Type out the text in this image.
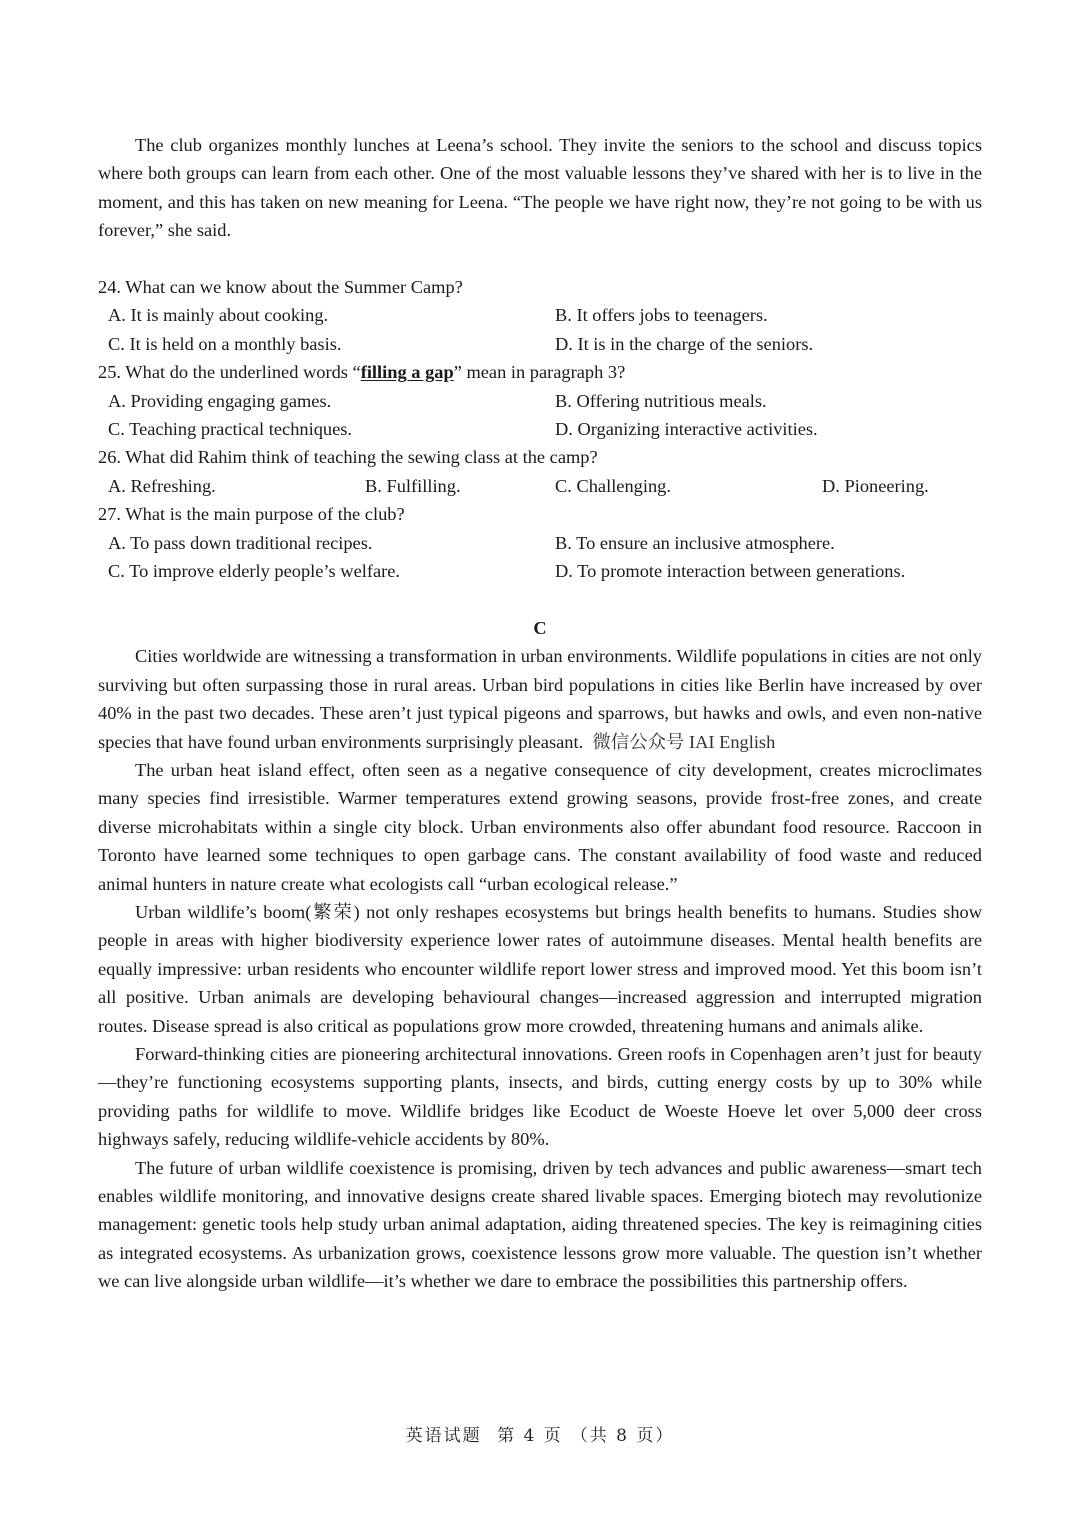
The club organizes monthly lunches at Leena’s school. They invite the seniors to the school and discuss topics where both groups can learn from each other. One of the most valuable lessons they’ve shared with her is to live in the moment, and this has taken on new meaning for Leena. “The people we have right now, they’re not going to be with us forever,” she said.

24. What can we know about the Summer Camp?

A. It is mainly about cooking.	B. It offers jobs to teenagers.
C. It is held on a monthly basis.	D. It is in the charge of the seniors.

25. What do the underlined words “filling a gap” mean in paragraph 3?

A. Providing engaging games.	B. Offering nutritious meals.
C. Teaching practical techniques.	D. Organizing interactive activities.

26. What did Rahim think of teaching the sewing class at the camp?

A. Refreshing.	B. Fulfilling.	C. Challenging.	D. Pioneering.

27. What is the main purpose of the club?

A. To pass down traditional recipes.	B. To ensure an inclusive atmosphere.
C. To improve elderly people’s welfare.	D. To promote interaction between generations.

C

Cities worldwide are witnessing a transformation in urban environments. Wildlife populations in cities are not only surviving but often surpassing those in rural areas. Urban bird populations in cities like Berlin have increased by over 40% in the past two decades. These aren’t just typical pigeons and sparrows, but hawks and owls, and even non-native species that have found urban environments surprisingly pleasant. 微信公众号 IAI English

The urban heat island effect, often seen as a negative consequence of city development, creates microclimates many species find irresistible. Warmer temperatures extend growing seasons, provide frost-free zones, and create diverse microhabitats within a single city block. Urban environments also offer abundant food resource. Raccoon in Toronto have learned some techniques to open garbage cans. The constant availability of food waste and reduced animal hunters in nature create what ecologists call “urban ecological release.”

Urban wildlife’s boom(繁荣) not only reshapes ecosystems but brings health benefits to humans. Studies show people in areas with higher biodiversity experience lower rates of autoimmune diseases. Mental health benefits are equally impressive: urban residents who encounter wildlife report lower stress and improved mood. Yet this boom isn’t all positive. Urban animals are developing behavioural changes—increased aggression and interrupted migration routes. Disease spread is also critical as populations grow more crowded, threatening humans and animals alike.

Forward-thinking cities are pioneering architectural innovations. Green roofs in Copenhagen aren’t just for beauty—they’re functioning ecosystems supporting plants, insects, and birds, cutting energy costs by up to 30% while providing paths for wildlife to move. Wildlife bridges like Ecoduct de Woeste Hoeve let over 5,000 deer cross highways safely, reducing wildlife-vehicle accidents by 80%.

The future of urban wildlife coexistence is promising, driven by tech advances and public awareness—smart tech enables wildlife monitoring, and innovative designs create shared livable spaces. Emerging biotech may revolutionize management: genetic tools help study urban animal adaptation, aiding threatened species. The key is reimagining cities as integrated ecosystems. As urbanization grows, coexistence lessons grow more valuable. The question isn’t whether we can live alongside urban wildlife—it’s whether we dare to embrace the possibilities this partnership offers.

英语试题 第 4 页 （共 8 页）
